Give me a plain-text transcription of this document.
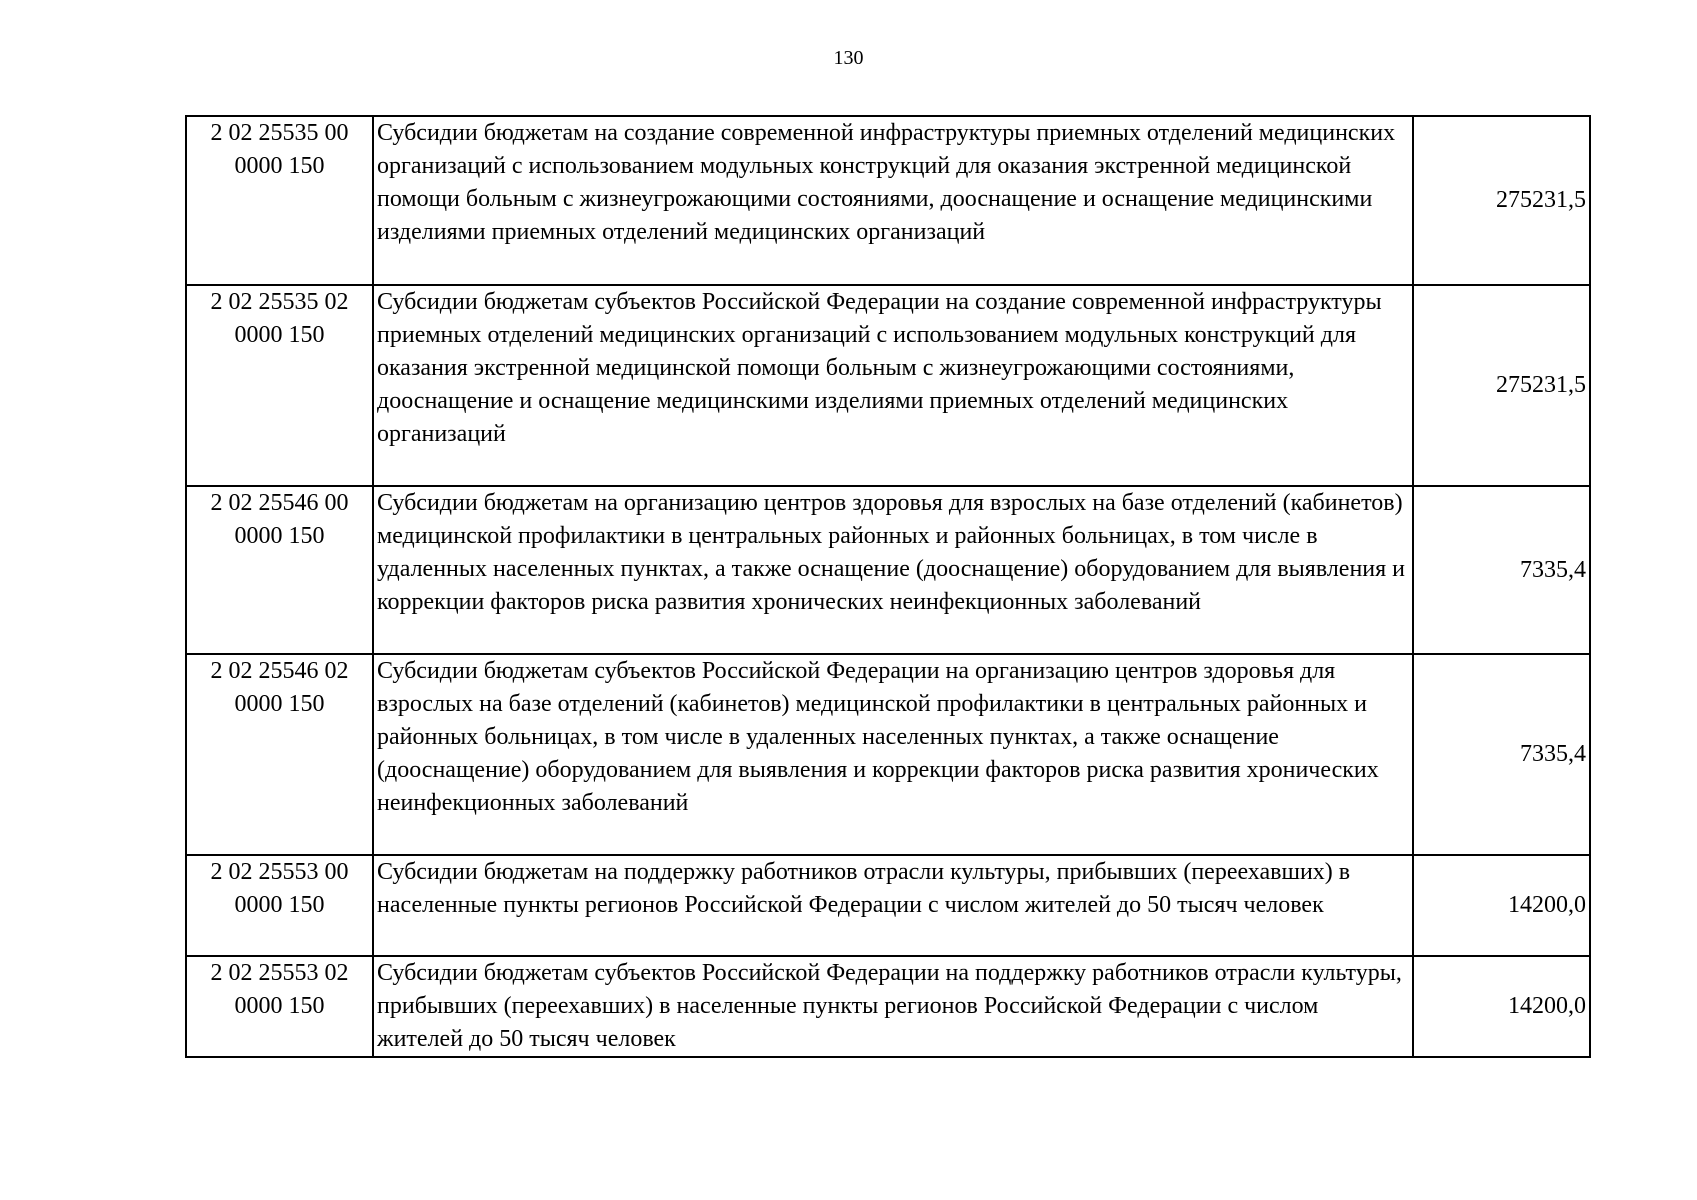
130
2 02 25535 00
0000 150	Субсидии бюджетам на создание современной инфраструктуры приемных отделений медицинских организаций с использованием модульных конструкций для оказания экстренной медицинской помощи больным с жизнеугрожающими состояниями, дооснащение и оснащение медицинскими изделиями приемных отделений медицинских организаций	275231,5

2 02 25535 02
0000 150	Субсидии бюджетам субъектов Российской Федерации на создание современной инфраструктуры приемных отделений медицинских организаций с использованием модульных конструкций для оказания экстренной медицинской помощи больным с жизнеугрожающими состояниями, дооснащение и оснащение медицинскими изделиями приемных отделений медицинских организаций	275231,5

2 02 25546 00
0000 150	Субсидии бюджетам на организацию центров здоровья для взрослых на базе отделений (кабинетов) медицинской профилактики в центральных районных и районных больницах, в том числе в удаленных населенных пунктах, а также оснащение (дооснащение) оборудованием для выявления и коррекции факторов риска развития хронических неинфекционных заболеваний	7335,4

2 02 25546 02
0000 150	Субсидии бюджетам субъектов Российской Федерации на организацию центров здоровья для взрослых на базе отделений (кабинетов) медицинской профилактики в центральных районных и районных больницах, в том числе в удаленных населенных пунктах, а также оснащение (дооснащение) оборудованием для выявления и коррекции факторов риска развития хронических неинфекционных заболеваний	7335,4

2 02 25553 00
0000 150	Субсидии бюджетам на поддержку работников отрасли культуры, прибывших (переехавших) в населенные пункты регионов Российской Федерации с числом жителей до 50 тысяч человек	14200,0

2 02 25553 02
0000 150	Субсидии бюджетам субъектов Российской Федерации на поддержку работников отрасли культуры, прибывших (переехавших) в населенные пункты регионов Российской Федерации с числом жителей до 50 тысяч человек	14200,0
